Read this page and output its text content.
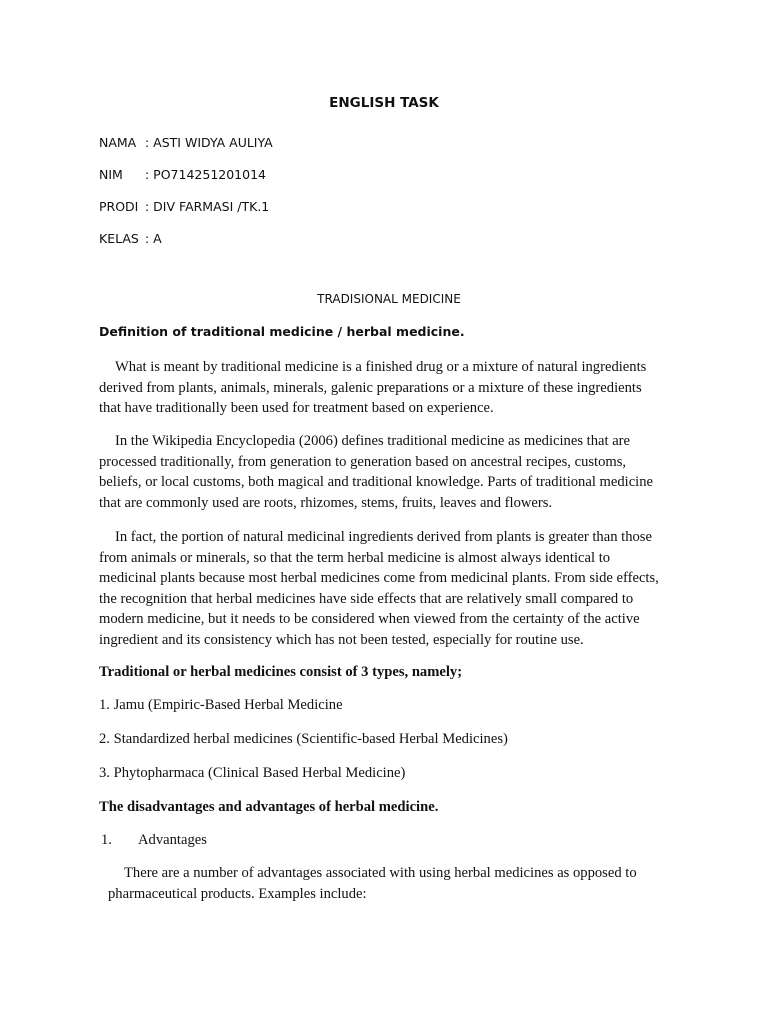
ENGLISH TASK
NAMA : ASTI WIDYA AULIYA
NIM : PO714251201014
PRODI : DIV FARMASI /TK.1
KELAS : A
TRADISIONAL MEDICINE
Definition of traditional medicine / herbal medicine.
What is meant by traditional medicine is a finished drug or a mixture of natural ingredients
derived from plants, animals, minerals, galenic preparations or a mixture of these ingredients
that have traditionally been used for treatment based on experience.
In the Wikipedia Encyclopedia (2006) defines traditional medicine as medicines that are
processed traditionally, from generation to generation based on ancestral recipes, customs,
beliefs, or local customs, both magical and traditional knowledge. Parts of traditional medicine
that are commonly used are roots, rhizomes, stems, fruits, leaves and flowers.
In fact, the portion of natural medicinal ingredients derived from plants is greater than those
from animals or minerals, so that the term herbal medicine is almost always identical to
medicinal plants because most herbal medicines come from medicinal plants. From side effects,
the recognition that herbal medicines have side effects that are relatively small compared to
modern medicine, but it needs to be considered when viewed from the certainty of the active
ingredient and its consistency which has not been tested, especially for routine use.
Traditional or herbal medicines consist of 3 types, namely;
1. Jamu (Empiric-Based Herbal Medicine
2. Standardized herbal medicines (Scientific-based Herbal Medicines)
3. Phytopharmaca (Clinical Based Herbal Medicine)
The disadvantages and advantages of herbal medicine.
1. Advantages
There are a number of advantages associated with using herbal medicines as opposed to
pharmaceutical products. Examples include:
